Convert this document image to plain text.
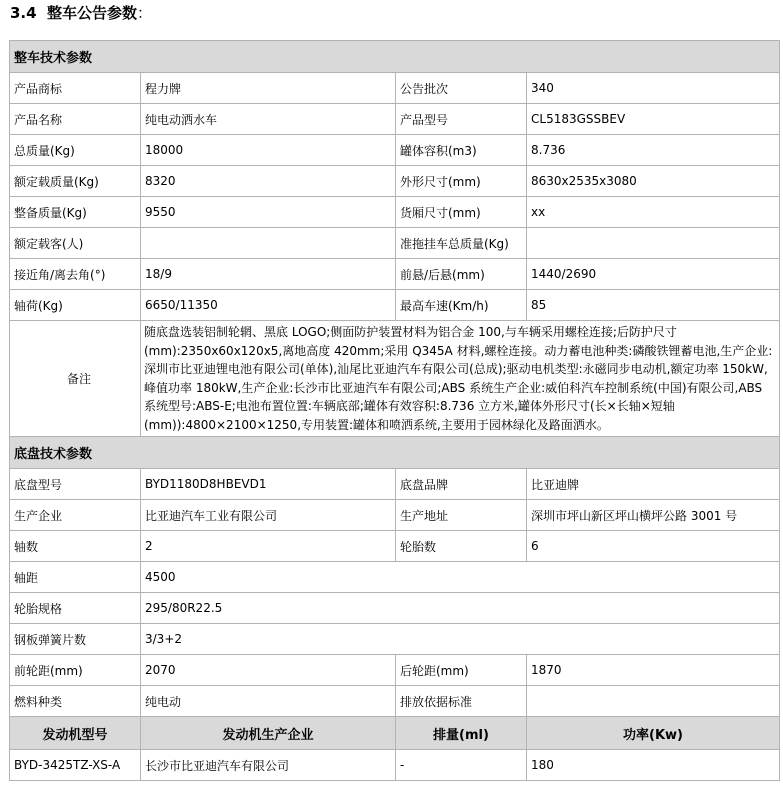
3.4 整车公告参数：
整车技术参数			
产品商标	程力牌	公告批次	340
产品名称	纯电动洒水车	产品型号	CL5183GSSBEV
总质量(Kg)	18000	罐体容积(m3)	8.736
额定载质量(Kg)	8320	外形尺寸(mm)	8630x2535x3080
整备质量(Kg)	9550	货厢尺寸(mm)	xx
额定载客(人)		准拖挂车总质量(Kg)	
接近角/离去角(°)	18/9	前悬/后悬(mm)	1440/2690
轴荷(Kg)	6650/11350	最高车速(Km/h)	85
备注	随底盘选装铝制轮辋、黑底 LOGO;侧面防护装置材料为铝合金 100,与车辆采用螺栓连接;后防护尺寸(mm):2350x60x120x5,离地高度 420mm;采用 Q345A 材料,螺栓连接。动力蓄电池种类:磷酸铁锂蓄电池,生产企业:深圳市比亚迪锂电池有限公司(单体),汕尾比亚迪汽车有限公司(总成);驱动电机类型:永磁同步电动机,额定功率 150kW,峰值功率 180kW,生产企业:长沙市比亚迪汽车有限公司;ABS 系统生产企业:威伯科汽车控制系统(中国)有限公司,ABS 系统型号:ABS-E;电池布置位置:车辆底部;罐体有效容积:8.736 立方米,罐体外形尺寸(长×长轴×短轴(mm)):4800×2100×1250,专用装置:罐体和喷洒系统,主要用于园林绿化及路面洒水。		
底盘技术参数			
底盘型号	BYD1180D8HBEVD1	底盘品牌	比亚迪牌
生产企业	比亚迪汽车工业有限公司	生产地址	深圳市坪山新区坪山横坪公路 3001 号
轴数	2	轮胎数	6
轴距	4500		
轮胎规格	295/80R22.5		
钢板弹簧片数	3/3+2		
前轮距(mm)	2070	后轮距(mm)	1870
燃料种类	纯电动	排放依据标准	
发动机型号	发动机生产企业	排量(ml)	功率(Kw)
BYD-3425TZ-XS-A	长沙市比亚迪汽车有限公司	-	180
